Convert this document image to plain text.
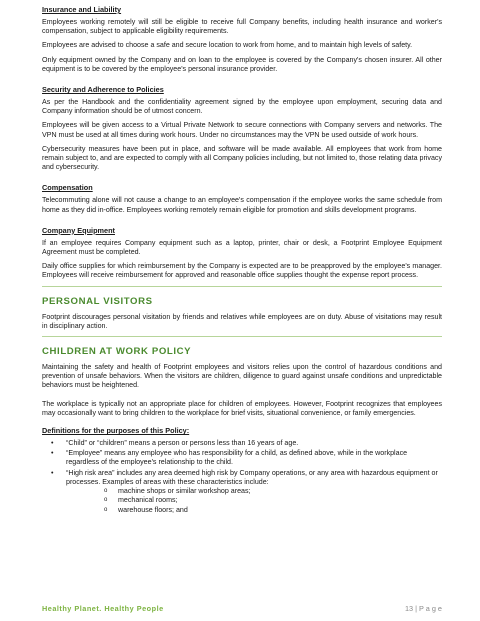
Insurance and Liability

Employees working remotely will still be eligible to receive full Company benefits, including health insurance and worker's compensation, subject to applicable eligibility requirements.

Employees are advised to choose a safe and secure location to work from home, and to maintain high levels of safety.

Only equipment owned by the Company and on loan to the employee is covered by the Company's chosen insurer. All other equipment is to be covered by the employee's personal insurance provider.

Security and Adherence to Policies

As per the Handbook and the confidentiality agreement signed by the employee upon employment, securing data and Company information should be of utmost concern.

Employees will be given access to a Virtual Private Network to secure connections with Company servers and networks. The VPN must be used at all times during work hours. Under no circumstances may the VPN be used outside of work hours.

Cybersecurity measures have been put in place, and software will be made available. All employees that work from home remain subject to, and are expected to comply with all Company policies including, but not limited to, those relating data privacy and cybersecurity.

Compensation

Telecommuting alone will not cause a change to an employee's compensation if the employee works the same schedule from home as they did in-office. Employees working remotely remain eligible for promotion and skills development programs.

Company Equipment

If an employee requires Company equipment such as a laptop, printer, chair or desk, a Footprint Employee Equipment Agreement must be completed.

Daily office supplies for which reimbursement by the Company is expected are to be preapproved by the employee's manager. Employees will receive reimbursement for approved and reasonable office supplies thought the expense report process.

PERSONAL VISITORS

Footprint discourages personal visitation by friends and relatives while employees are on duty. Abuse of visitations may result in disciplinary action.

CHILDREN AT WORK POLICY

Maintaining the safety and health of Footprint employees and visitors relies upon the control of hazardous conditions and prevention of unsafe behaviors. When the visitors are children, diligence to guard against unsafe conditions and unpredictable behaviors must be heightened.

The workplace is typically not an appropriate place for children of employees. However, Footprint recognizes that employees may occasionally want to bring children to the workplace for brief visits, situational convenience, or family emergencies.

Definitions for the purposes of this Policy:
• “Child” or “children” means a person or persons less than 16 years of age.
• “Employee” means any employee who has responsibility for a child, as defined above, while in the workplace regardless of the employee's relationship to the child.
• “High risk area” includes any area deemed high risk by Company operations, or any area with hazardous equipment or processes. Examples of areas with these characteristics include:
o machine shops or similar workshop areas;
o mechanical rooms;
o warehouse floors; and
Healthy Planet. Healthy People	13 | P a g e
